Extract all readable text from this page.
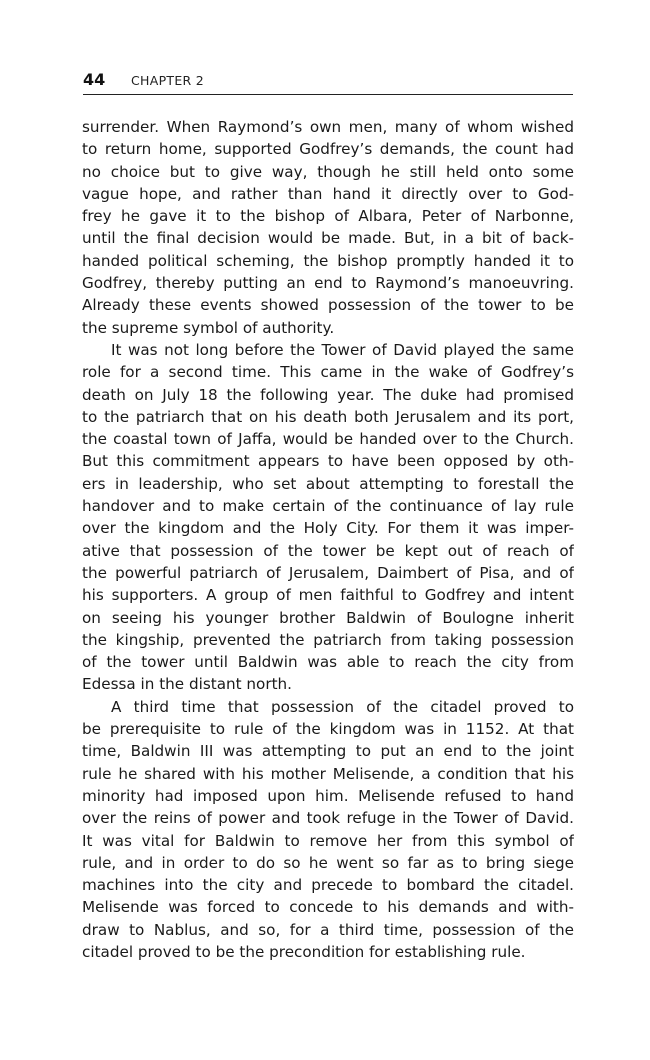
44 CHAPTER 2
surrender. When Raymond’s own men, many of whom wished
to return home, supported Godfrey’s demands, the count had
no choice but to give way, though he still held onto some
vague hope, and rather than hand it directly over to God-
frey he gave it to the bishop of Albara, Peter of Narbonne,
until the final decision would be made. But, in a bit of back-
handed political scheming, the bishop promptly handed it to
Godfrey, thereby putting an end to Raymond’s manoeuvring.
Already these events showed possession of the tower to be
the supreme symbol of authority.
It was not long before the Tower of David played the same
role for a second time. This came in the wake of Godfrey’s
death on July 18 the following year. The duke had promised
to the patriarch that on his death both Jerusalem and its port,
the coastal town of Jaffa, would be handed over to the Church.
But this commitment appears to have been opposed by oth-
ers in leadership, who set about attempting to forestall the
handover and to make certain of the continuance of lay rule
over the kingdom and the Holy City. For them it was imper-
ative that possession of the tower be kept out of reach of
the powerful patriarch of Jerusalem, Daimbert of Pisa, and of
his supporters. A group of men faithful to Godfrey and intent
on seeing his younger brother Baldwin of Boulogne inherit
the kingship, prevented the patriarch from taking possession
of the tower until Baldwin was able to reach the city from
Edessa in the distant north.
A third time that possession of the citadel proved to
be prerequisite to rule of the kingdom was in 1152. At that
time, Baldwin III was attempting to put an end to the joint
rule he shared with his mother Melisende, a condition that his
minority had imposed upon him. Melisende refused to hand
over the reins of power and took refuge in the Tower of David.
It was vital for Baldwin to remove her from this symbol of
rule, and in order to do so he went so far as to bring siege
machines into the city and precede to bombard the citadel.
Melisende was forced to concede to his demands and with-
draw to Nablus, and so, for a third time, possession of the
citadel proved to be the precondition for establishing rule.
